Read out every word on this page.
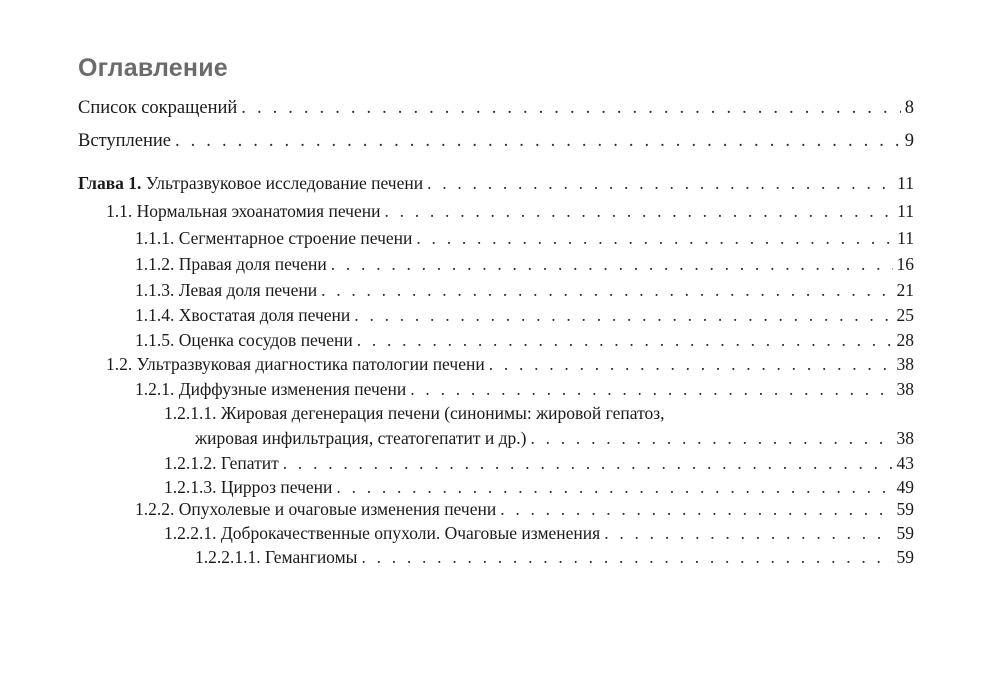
Оглавление
Список сокращений . . .	8
Вступление . . .	9
Глава 1. Ультразвуковое исследование печени . . .	11
1.1. Нормальная эхоанатомия печени . . .	11
1.1.1. Сегментарное строение печени . . .	11
1.1.2. Правая доля печени . . .	16
1.1.3. Левая доля печени . . .	21
1.1.4. Хвостатая доля печени . . .	25
1.1.5. Оценка сосудов печени . . .	28
1.2. Ультразвуковая диагностика патологии печени . . .	38
1.2.1. Диффузные изменения печени . . .	38
1.2.1.1. Жировая дегенерация печени (синонимы: жировой гепатоз,
жировая инфильтрация, стеатогепатит и др.) . . .	38
1.2.1.2. Гепатит . . .	43
1.2.1.3. Цирроз печени . . .	49
1.2.2. Опухолевые и очаговые изменения печени . . .	59
1.2.2.1. Доброкачественные опухоли. Очаговые изменения . . .	59
1.2.2.1.1. Гемангиомы . . .	59
